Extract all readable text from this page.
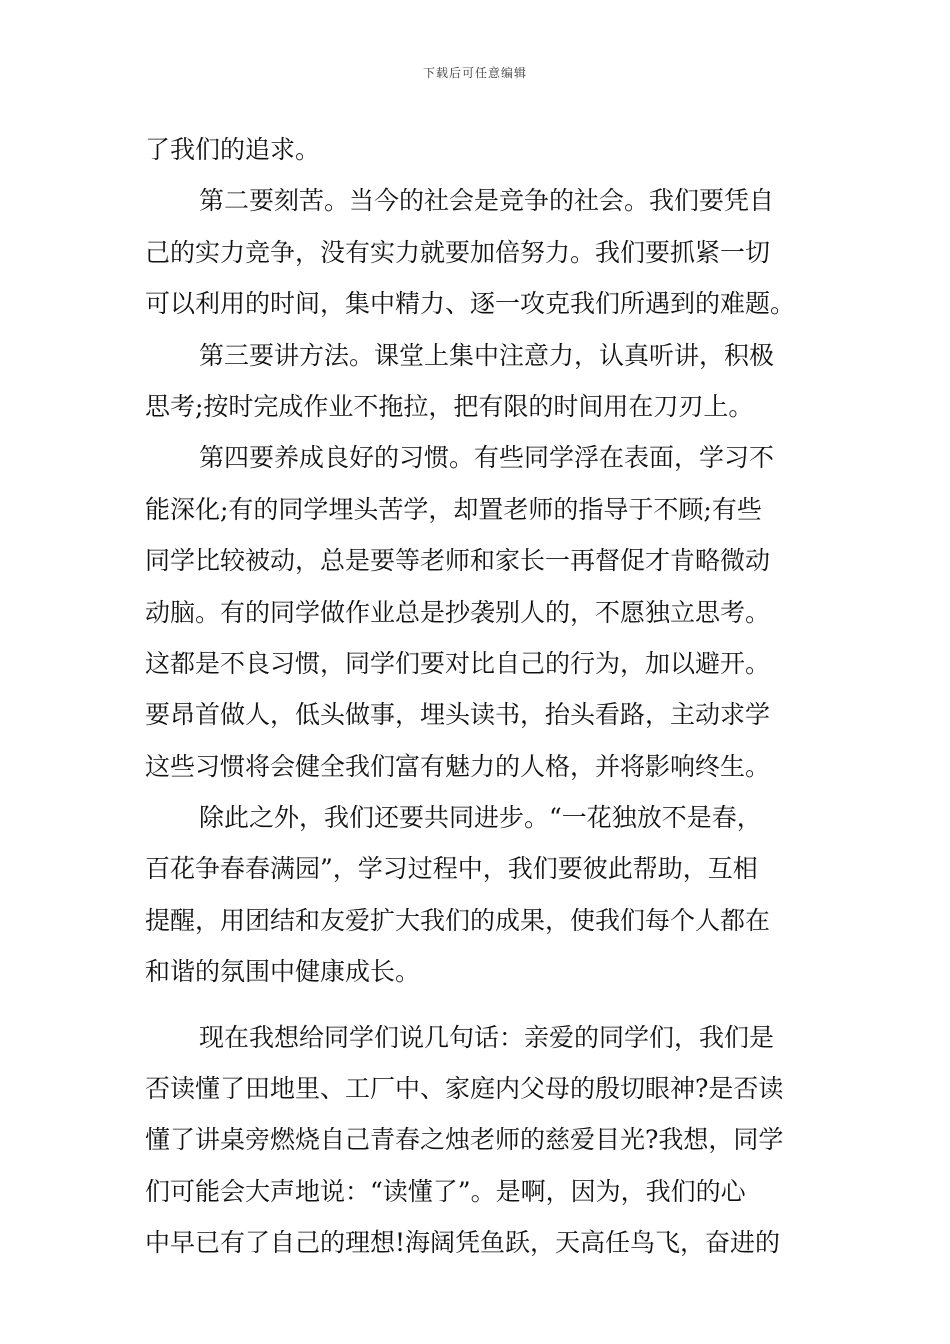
下载后可任意编辑
了我们的追求。
第二要刻苦。当今的社会是竞争的社会。我们要凭自
己的实力竞争，没有实力就要加倍努力。我们要抓紧一切
可以利用的时间，集中精力、逐一攻克我们所遇到的难题。
第三要讲方法。课堂上集中注意力，认真听讲，积极
思考;按时完成作业不拖拉，把有限的时间用在刀刃上。
第四要养成良好的习惯。有些同学浮在表面，学习不
能深化;有的同学埋头苦学，却置老师的指导于不顾;有些
同学比较被动，总是要等老师和家长一再督促才肯略微动
动脑。有的同学做作业总是抄袭别人的，不愿独立思考。
这都是不良习惯，同学们要对比自己的行为，加以避开。
要昂首做人，低头做事，埋头读书，抬头看路，主动求学
这些习惯将会健全我们富有魅力的人格，并将影响终生。
除此之外，我们还要共同进步。“一花独放不是春，
百花争春春满园”，学习过程中，我们要彼此帮助，互相
提醒，用团结和友爱扩大我们的成果，使我们每个人都在
和谐的氛围中健康成长。
现在我想给同学们说几句话：亲爱的同学们，我们是
否读懂了田地里、工厂中、家庭内父母的殷切眼神?是否读
懂了讲桌旁燃烧自己青春之烛老师的慈爱目光?我想，同学
们可能会大声地说：“读懂了”。是啊，因为，我们的心
中早已有了自己的理想!海阔凭鱼跃，天高任鸟飞，奋进的
